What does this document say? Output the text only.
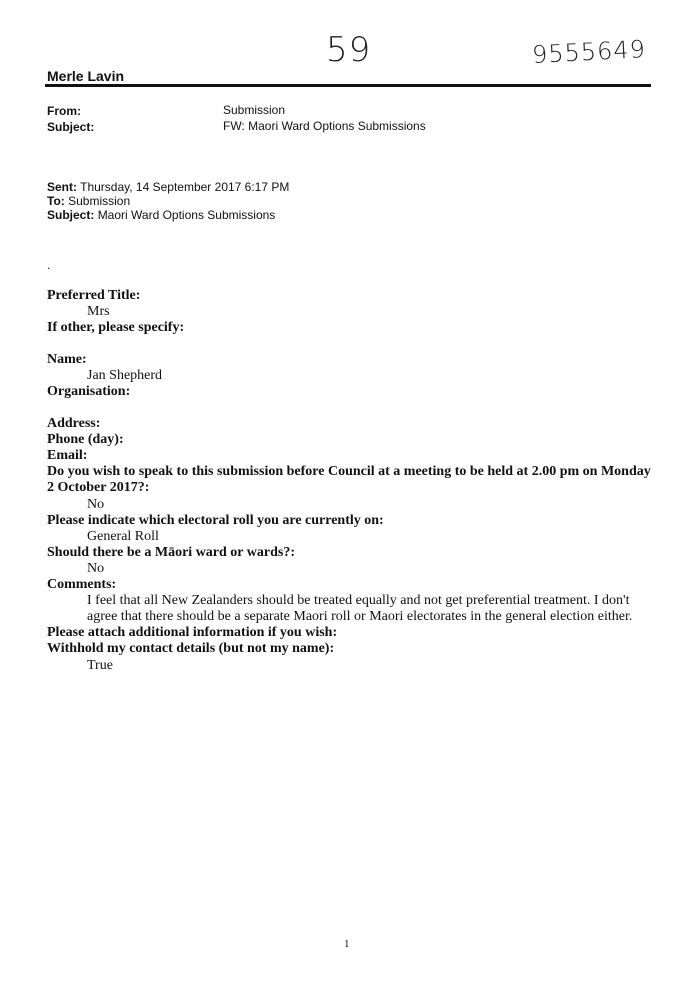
59	9555649
Merle Lavin
From:	Submission
Subject:	FW: Maori Ward Options Submissions
Sent: Thursday, 14 September 2017 6:17 PM
To: Submission
Subject: Maori Ward Options Submissions
.
Preferred Title:
Mrs
If other, please specify:
Name:
Jan Shepherd
Organisation:
Address:
Phone (day):
Email:
Do you wish to speak to this submission before Council at a meeting to be held at 2.00 pm on Monday
2 October 2017?:
No
Please indicate which electoral roll you are currently on:
General Roll
Should there be a Māori ward or wards?:
No
Comments:
I feel that all New Zealanders should be treated equally and not get preferential treatment. I don't
agree that there should be a separate Maori roll or Maori electorates in the general election either.
Please attach additional information if you wish:
Withhold my contact details (but not my name):
True
1
